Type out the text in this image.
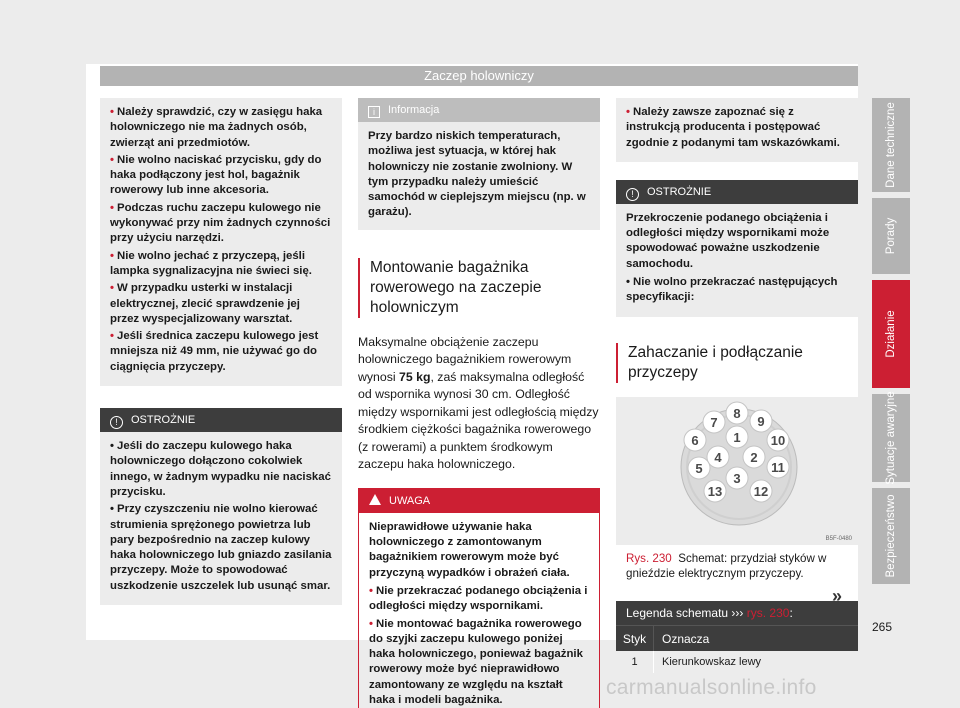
Zaczep holowniczy

• Należy sprawdzić, czy w zasięgu haka holowniczego nie ma żadnych osób, zwierząt ani przedmiotów.

• Nie wolno naciskać przycisku, gdy do haka podłączony jest hol, bagażnik rowerowy lub inne akcesoria.

• Podczas ruchu zaczepu kulowego nie wykonywać przy nim żadnych czynności przy użyciu narzędzi.

• Nie wolno jechać z przyczepą, jeśli lampka sygnalizacyjna nie świeci się.

• W przypadku usterki w instalacji elektrycznej, zlecić sprawdzenie jej przez wyspecjalizowany warsztat.

• Jeśli średnica zaczepu kulowego jest mniejsza niż 49 mm, nie używać go do ciągnięcia przyczepy.

! OSTROŻNIE

• Jeśli do zaczepu kulowego haka holowniczego dołączono cokolwiek innego, w żadnym wypadku nie naciskać przycisku.

• Przy czyszczeniu nie wolno kierować strumienia sprężonego powietrza lub pary bezpośrednio na zaczep kulowy haka holowniczego lub gniazdo zasilania przyczepy. Może to spowodować uszkodzenie uszczelek lub usunąć smar.

i Informacja

Przy bardzo niskich temperaturach, możliwa jest sytuacja, w której hak holowniczy nie zostanie zwolniony. W tym przypadku należy umieścić samochód w cieplejszym miejscu (np. w garażu).

Montowanie bagażnika rowerowego na zaczepie holowniczym
Maksymalne obciążenie zaczepu holowniczego bagażnikiem rowerowym wynosi 75 kg, zaś maksymalna odległość od wspornika wynosi 30 cm. Odległość między wspornikami jest odległością między środkiem ciężkości bagażnika rowerowego (z rowerami) a punktem środkowym zaczepu haka holowniczego.
UWAGA

Nieprawidłowe używanie haka holowniczego z zamontowanym bagażnikiem rowerowym może być przyczyną wypadków i obrażeń ciała.

• Nie przekraczać podanego obciążenia i odległości między wspornikami.

• Nie montować bagażnika rowerowego do szyjki zaczepu kulowego poniżej haka holowniczego, ponieważ bagażnik rowerowy może być nieprawidłowo zamontowany ze względu na kształt haka i modeli bagażnika.

• Należy zawsze zapoznać się z instrukcją producenta i postępować zgodnie z podanymi tam wskazówkami.

! OSTROŻNIE

Przekroczenie podanego obciążenia i odległości między wspornikami może spowodować poważne uszkodzenie samochodu.

• Nie wolno przekraczać następujących specyfikacji:

Zahaczanie i podłączanie przyczepy
1
2
3
4
5
6
7
8
9
10
11
12
13
B5F-0480
Rys. 230 Schemat: przydział styków w gnieździe elektrycznym przyczepy.
Legenda schematu ››› rys. 230:
Styk	Oznacza
1	Kierunkowskaz lewy
»
Dane techniczne
Porady
Działanie
Sytuacje awaryjne
Bezpieczeństwo
265
carmanualsonline.info
